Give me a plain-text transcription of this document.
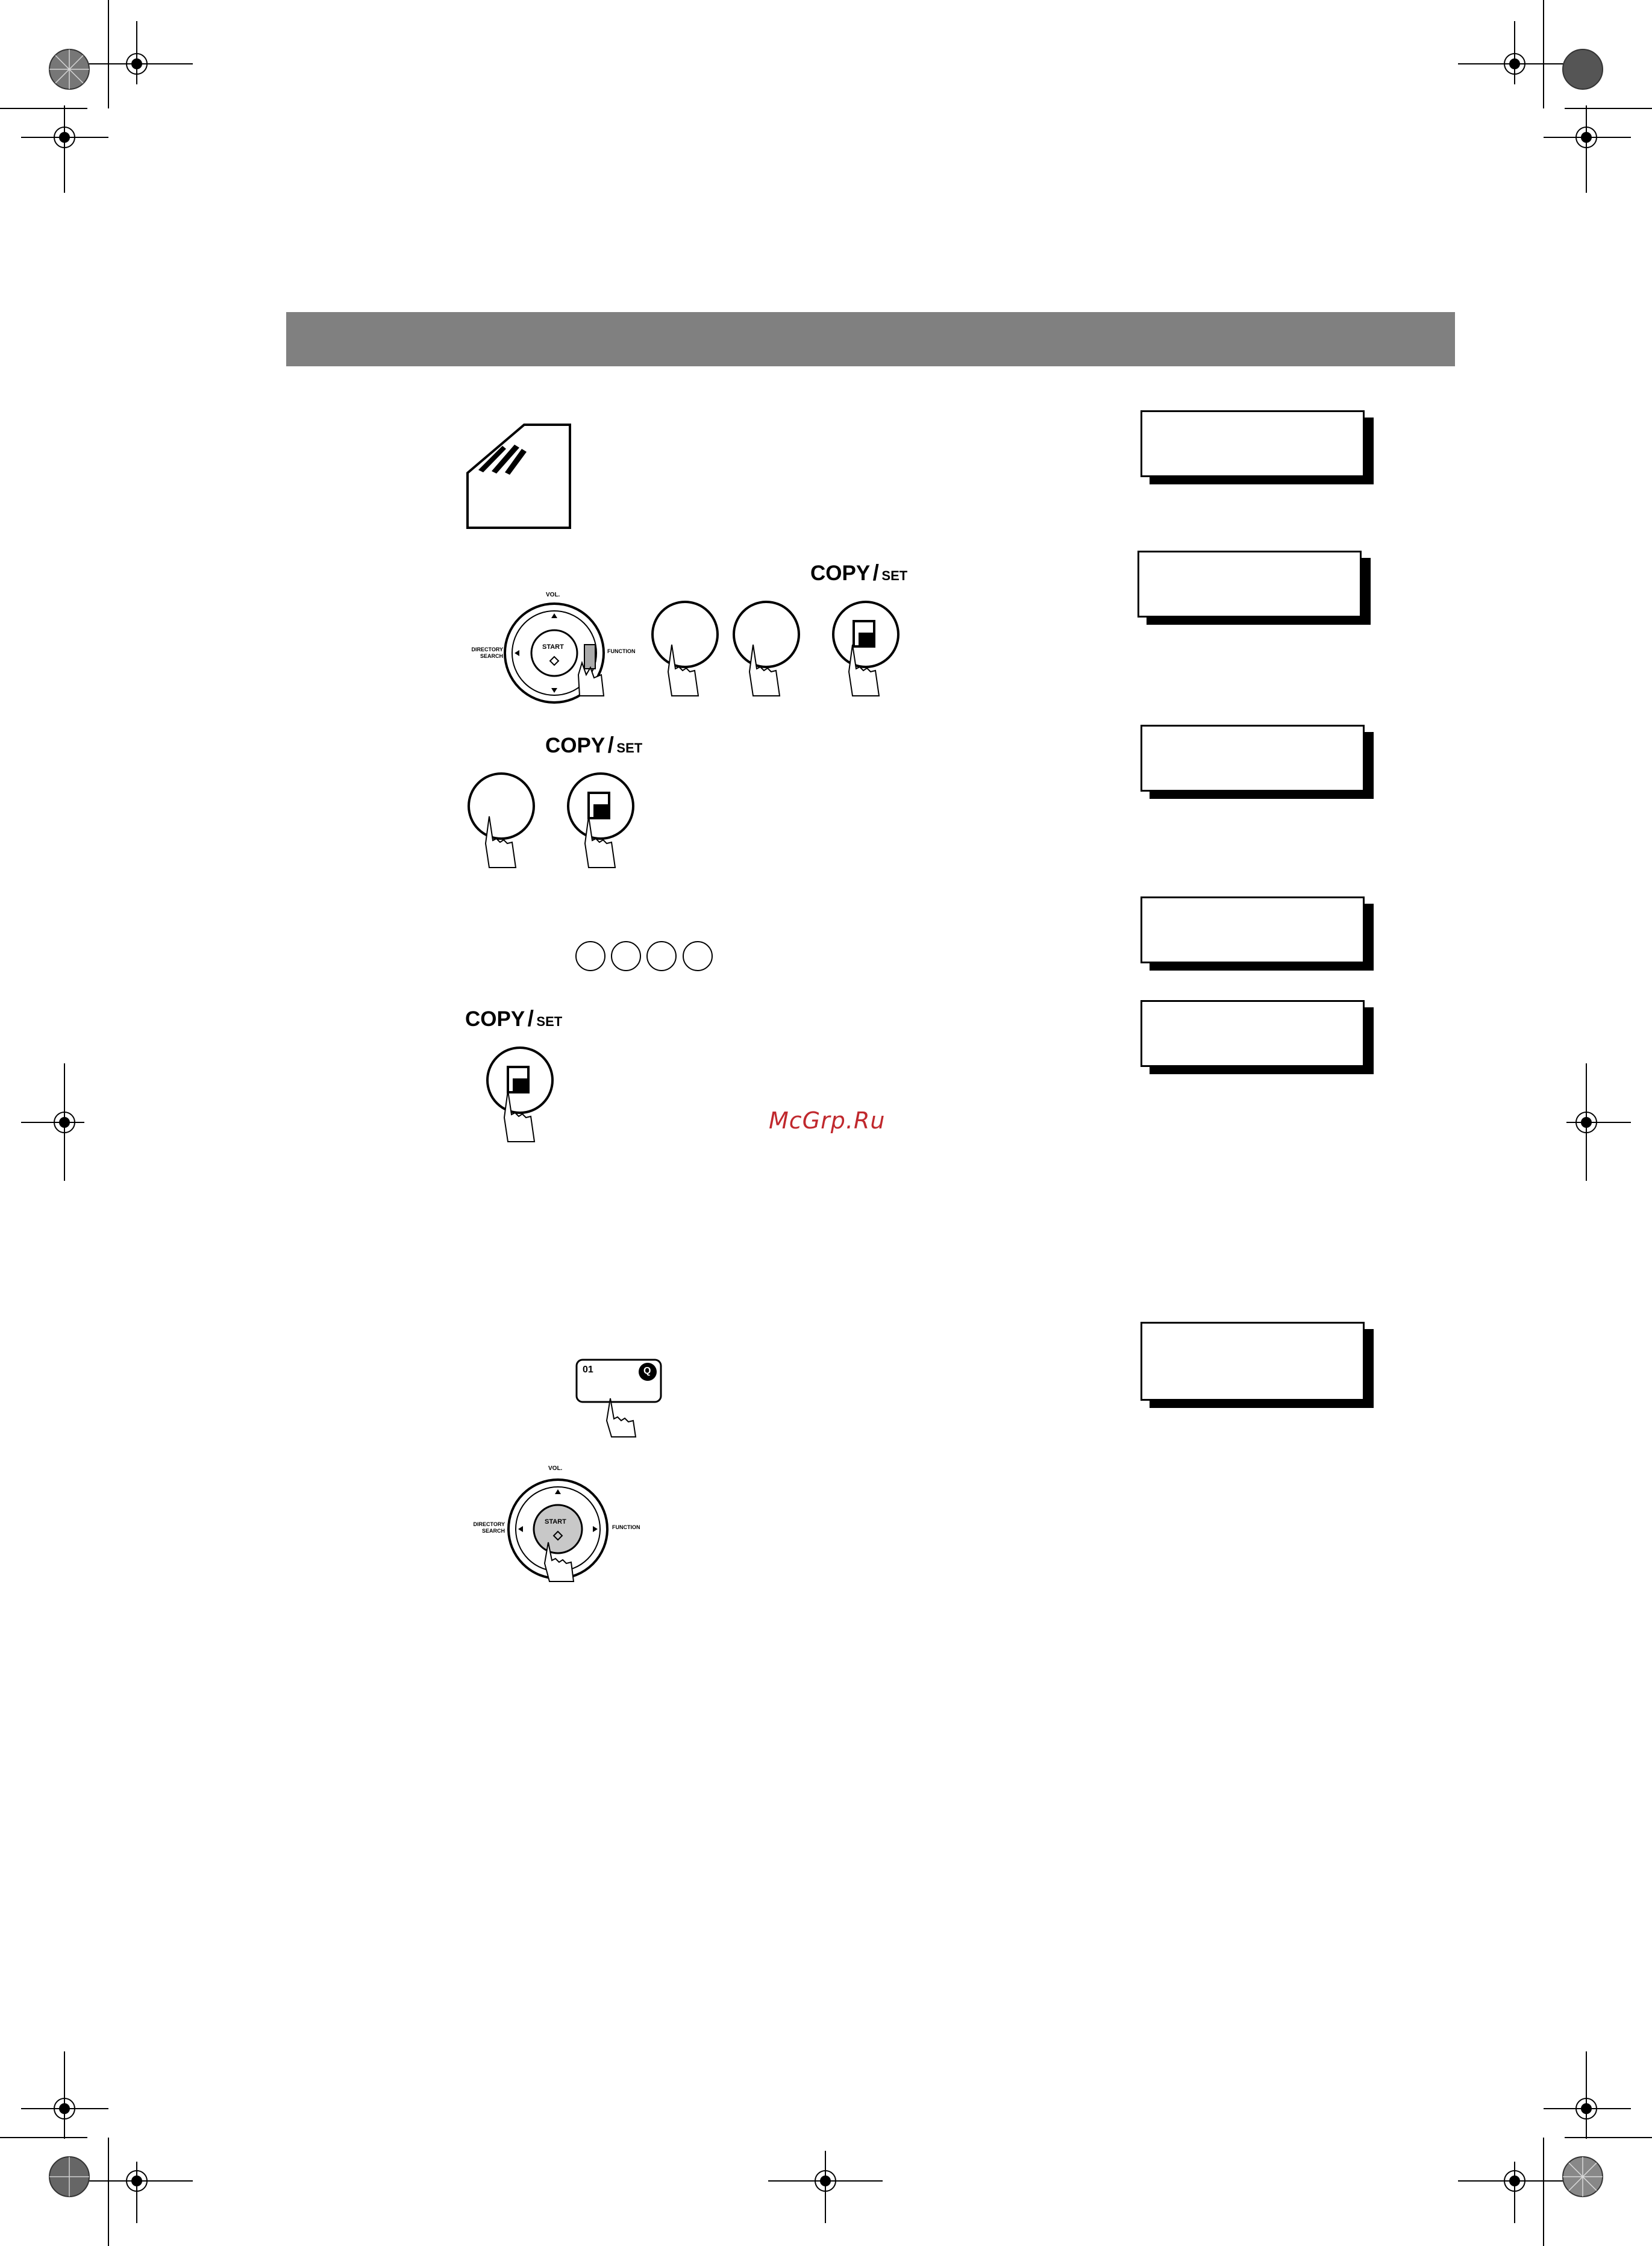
COPY / SET
VOL.
DIRECTORY
SEARCH
FUNCTION
START
COPY / SET
COPY / SET
McGrp.Ru
01	Q
VOL.
DIRECTORY
SEARCH
FUNCTION
START
